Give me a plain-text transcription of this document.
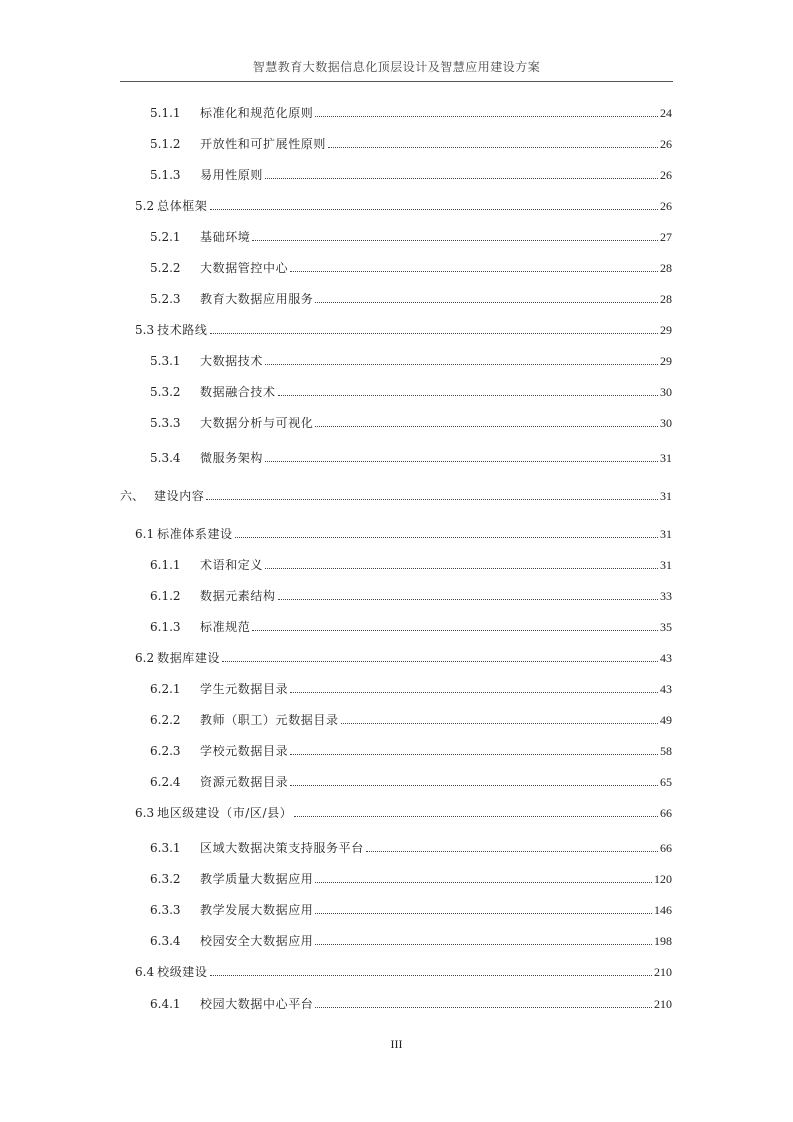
智慧教育大数据信息化顶层设计及智慧应用建设方案
5.1.1	标准化和规范化原则	24
5.1.2	开放性和可扩展性原则	26
5.1.3	易用性原则	26
5.2 总体框架	26
5.2.1	基础环境	27
5.2.2	大数据管控中心	28
5.2.3	教育大数据应用服务	28
5.3 技术路线	29
5.3.1	大数据技术	29
5.3.2	数据融合技术	30
5.3.3	大数据分析与可视化	30
5.3.4	微服务架构	31
六、 建设内容	31
6.1 标准体系建设	31
6.1.1	术语和定义	31
6.1.2	数据元素结构	33
6.1.3	标准规范	35
6.2 数据库建设	43
6.2.1	学生元数据目录	43
6.2.2	教师（职工）元数据目录	49
6.2.3	学校元数据目录	58
6.2.4	资源元数据目录	65
6.3 地区级建设（市/区/县）	66
6.3.1	区域大数据决策支持服务平台	66
6.3.2	教学质量大数据应用	120
6.3.3	教学发展大数据应用	146
6.3.4	校园安全大数据应用	198
6.4 校级建设	210
6.4.1	校园大数据中心平台	210
III
